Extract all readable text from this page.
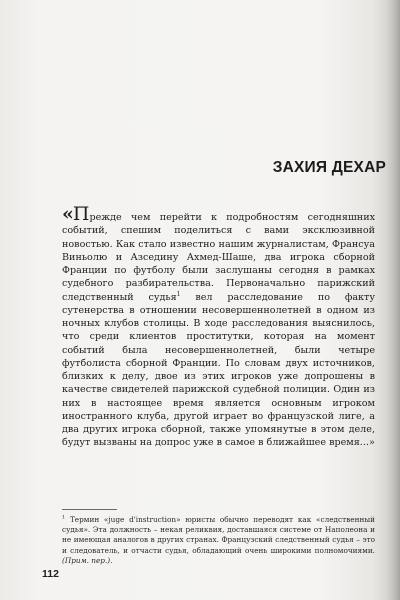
ЗАХИЯ ДЕХАР

«Прежде чем перейти к подробностям сегодняшних событий, спешим поделиться с вами эксклюзивной новостью. Как стало известно нашим журналистам, Франсуа Виньолю и Азседину Ахмед-Шаше, два игрока сборной Франции по футболу были заслушаны сегодня в рамках судебного разбирательства. Первоначально парижский следственный судья$^1$ вел расследование по факту сутенерства в отношении несовершеннолетней в одном из ночных клубов столицы. В ходе расследования выяснилось, что среди клиентов проститутки, которая на момент событий была несовершеннолетней, были четыре футболиста сборной Франции. По словам двух источников, близких к делу, двое из этих игроков уже допрошены в качестве свидетелей парижской судебной полиции. Один из них в настоящее время является основным игроком иностранного клуба, другой играет во французской лиге, а два других игрока сборной, также упомянутые в этом деле, будут вызваны на допрос уже в самое в ближайшее время...»

$^1$ Термин «juge d'instruction» юристы обычно переводят как «следственный судья». Эта должность – некая реликвия, доставшаяся системе от Наполеона и не имеющая аналогов в других странах. Французский следственный судья – это и следователь, и отчасти судья, обладающий очень широкими полномочиями. (Прим. пер.).

112
